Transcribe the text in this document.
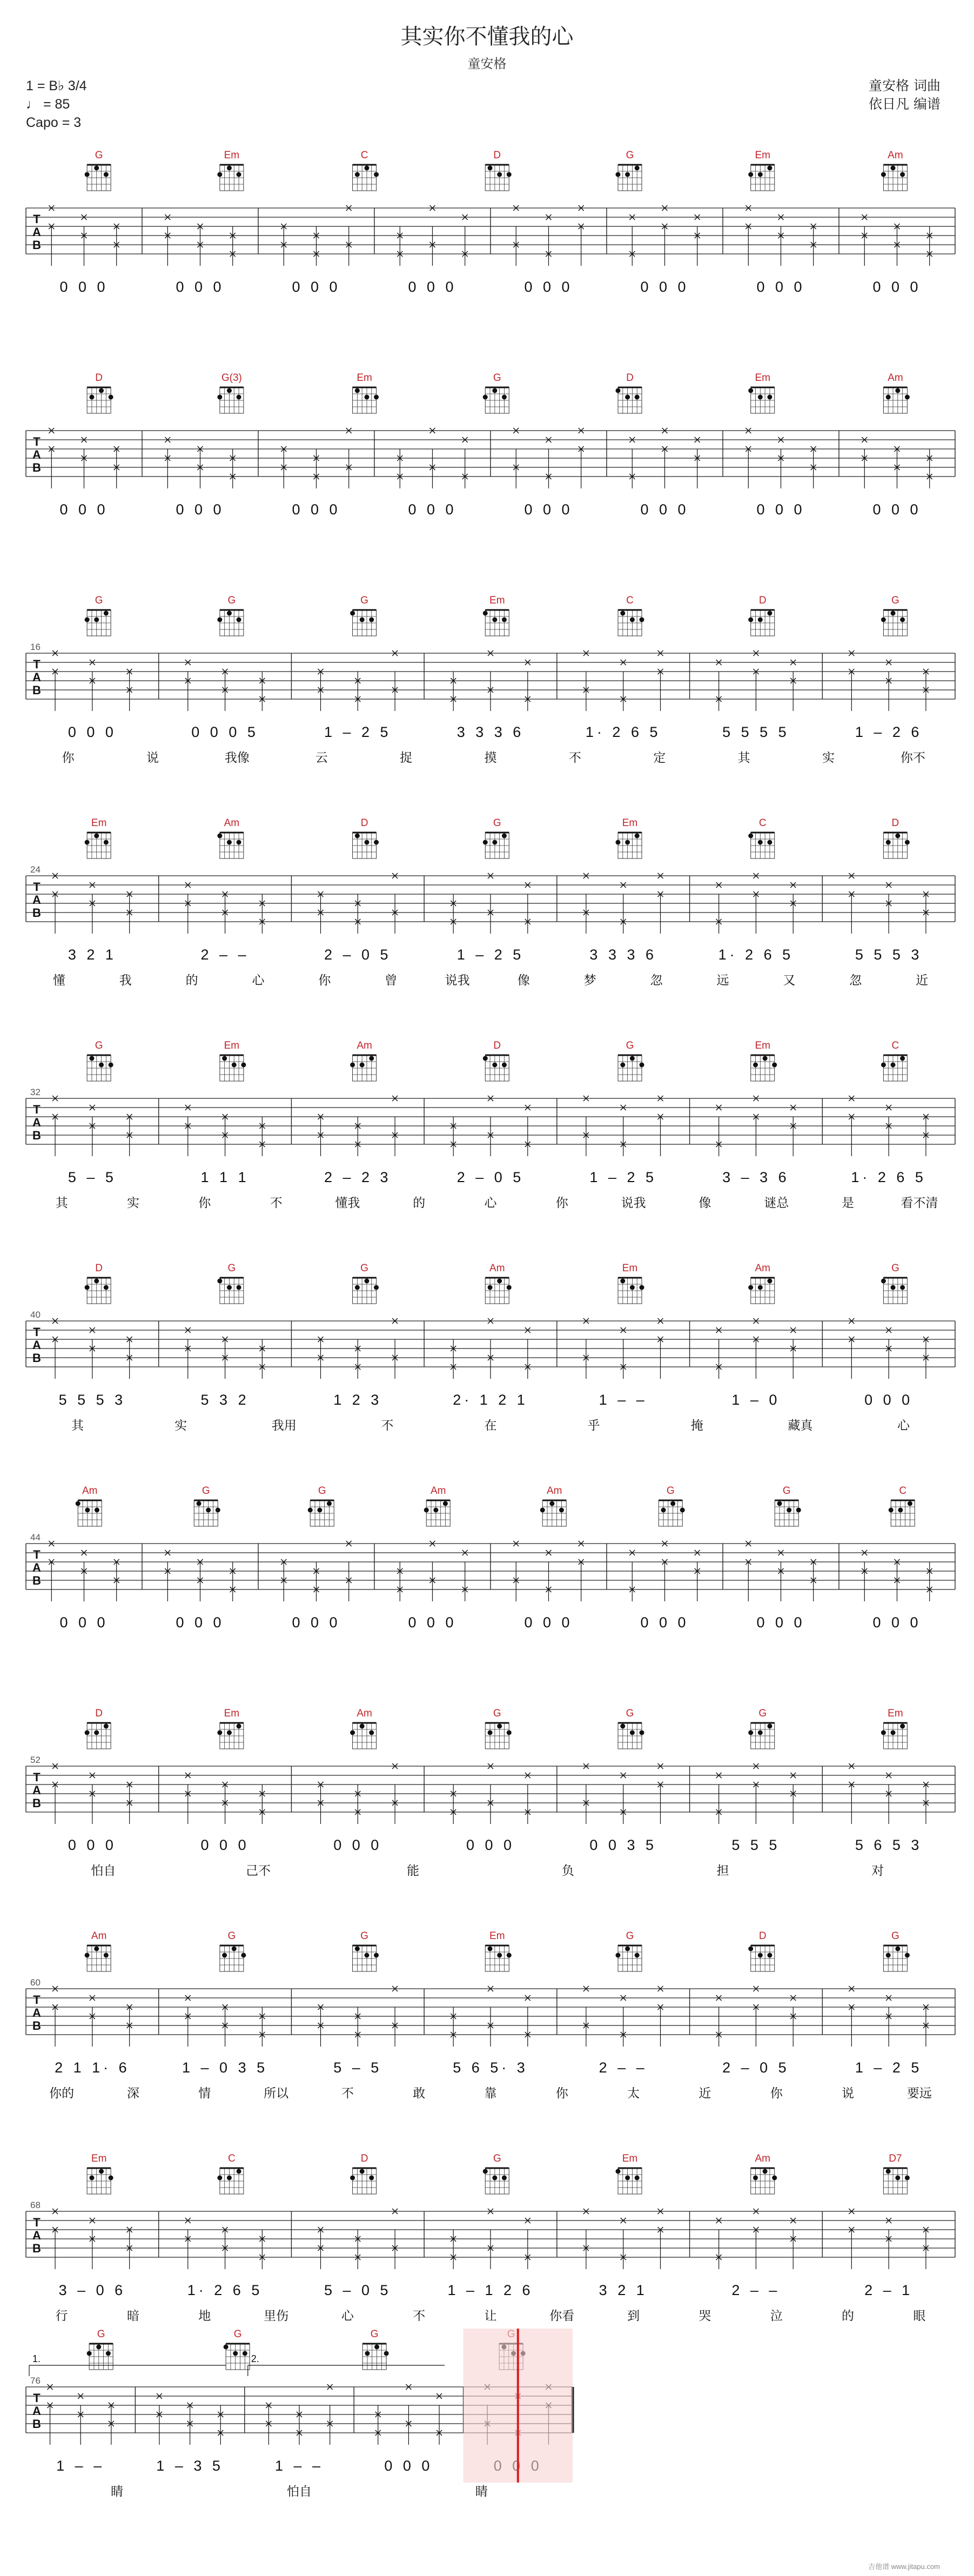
其实你不懂我的心
童安格
1 = B♭ 3/4
♩ = 85
Capo = 3
童安格 词曲
依日凡 编谱
T
A
B
G	Em	C	D	G	Em	Am
0 0 0	0 0 0	0 0 0	0 0 0	0 0 0	0 0 0	0 0 0	0 0 0
T
A
B
D	G(3)	Em	G	D	Em	Am
0 0 0	0 0 0	0 0 0	0 0 0	0 0 0	0 0 0	0 0 0	0 0 0
T
A
B
16
G	G	G	Em	C	D	G
0 0 0	0 0 0 5	1 – 2 5	3 3 3 6	1· 2 6 5	5 5 5 5	1 – 2 6
你	说	我像	云	捉	摸	不	定	其	实	你不
T
A
B
24
Em	Am	D	G	Em	C	D
3 2 1	2 – –	2 – 0 5	1 – 2 5	3 3 3 6	1· 2 6 5	5 5 5 3
懂	我	的	心	你	曾	说我	像	梦	忽	远	又	忽	近
T
A
B
32
G	Em	Am	D	G	Em	C
5 – 5	1 1 1	2 – 2 3	2 – 0 5	1 – 2 5	3 – 3 6	1· 2 6 5
其	实	你	不	懂我	的	心	你	说我	像	谜总	是	看不清
T
A
B
40
D	G	G	Am	Em	Am	G
5 5 5 3	5 3 2	1 2 3	2· 1 2 1	1 – –	1 – 0	0 0 0
其	实	我用	不	在	乎	掩	藏真	心
T
A
B
44
Am	G	G	Am	Am	G	G	C
0 0 0	0 0 0	0 0 0	0 0 0	0 0 0	0 0 0	0 0 0	0 0 0
T
A
B
52
D	Em	Am	G	G	G	Em
0 0 0	0 0 0	0 0 0	0 0 0	0 0 3 5	5 5 5	5 6 5 3
怕自	己不	能	负	担	对
T
A
B
60
Am	G	G	Em	G	D	G
2 1 1· 6	1 – 0 3 5	5 – 5	5 6 5· 3	2 – –	2 – 0 5	1 – 2 5
你的	深	情	所以	不	敢	靠	你	太	近	你	说	要远
T
A
B
68
Em	C	D	G	Em	Am	D7
3 – 0 6	1· 2 6 5	5 – 0 5	1 – 1 2 6	3 2 1	2 – –	2 – 1
行	暗	地	里伤	心	不	让	你看	到	哭	泣	的	眼
T
A
B
76
G	G	G
1 – –	1 – 3 5	1 – –	0 0 0
睛	怕自	睛
1.	2.
吉他谱 www.jitapu.com
